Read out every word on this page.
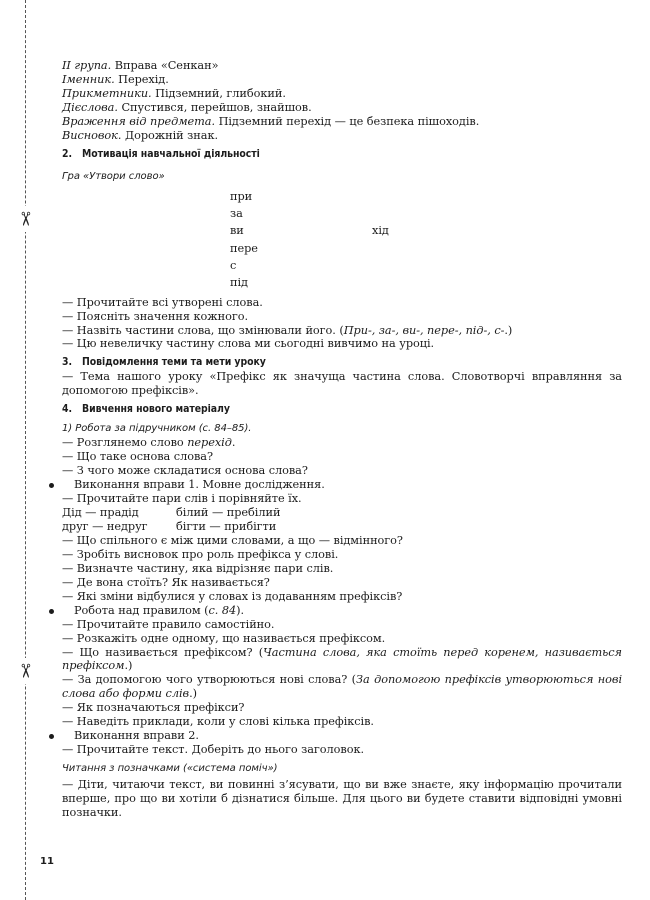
✂
✂

ІІ група. Вправа «Сенкан»

Іменник. Перехід.

Прикметники. Підземний, глибокий.

Дієслова. Спустився, перейшов, знайшов.

Враження від предмета. Підземний перехід — це безпека пішоходів.

Висновок. Дорожній знак.

2. Мотивація навчальної діяльності

Гра «Утвори слово»

при
за
ви
пере
с
під
хід

— Прочитайте всі утворені слова.

— Поясніть значення кожного.

— Назвіть частини слова, що змінювали його. (При-, за-, ви-, пере-, під-, с-.)

— Цю невеличку частину слова ми сьогодні вивчимо на уроці.

3. Повідомлення теми та мети уроку

— Тема нашого уроку «Префікс як значуща частина слова. Словотворчі вправляння за допомогою префіксів».

4. Вивчення нового матеріалу

1) Робота за підручником (с. 84–85).

— Розглянемо слово перехід.

— Що таке основа слова?

— З чого може складатися основа слова?

Виконання вправи 1. Мовне дослідження.

— Прочитайте пари слів і порівняйте їх.

Дід — прадід	білий — пребілий
друг — недруг	бігти — прибігти

— Що спільного є між цими словами, а що — відмінного?

— Зробіть висновок про роль префікса у слові.

— Визначте частину, яка відрізняє пари слів.

— Де вона стоїть? Як називається?

— Які зміни відбулися у словах із додаванням префіксів?

Робота над правилом (с. 84).

— Прочитайте правило самостійно.

— Розкажіть одне одному, що називається префіксом.

— Що називається префіксом? (Частина слова, яка стоїть перед коренем, називається префіксом.)

— За допомогою чого утворюються нові слова? (За допомогою префіксів утворюються нові слова або форми слів.)

— Як позначаються префікси?

— Наведіть приклади, коли у слові кілька префіксів.

Виконання вправи 2.

— Прочитайте текст. Доберіть до нього заголовок.

Читання з позначками («система поміч»)

— Діти, читаючи текст, ви повинні з’ясувати, що ви вже знаєте, яку інформацію прочитали вперше, про що ви хотіли б дізнатися більше. Для цього ви будете ставити відповідні умовні позначки.

11
